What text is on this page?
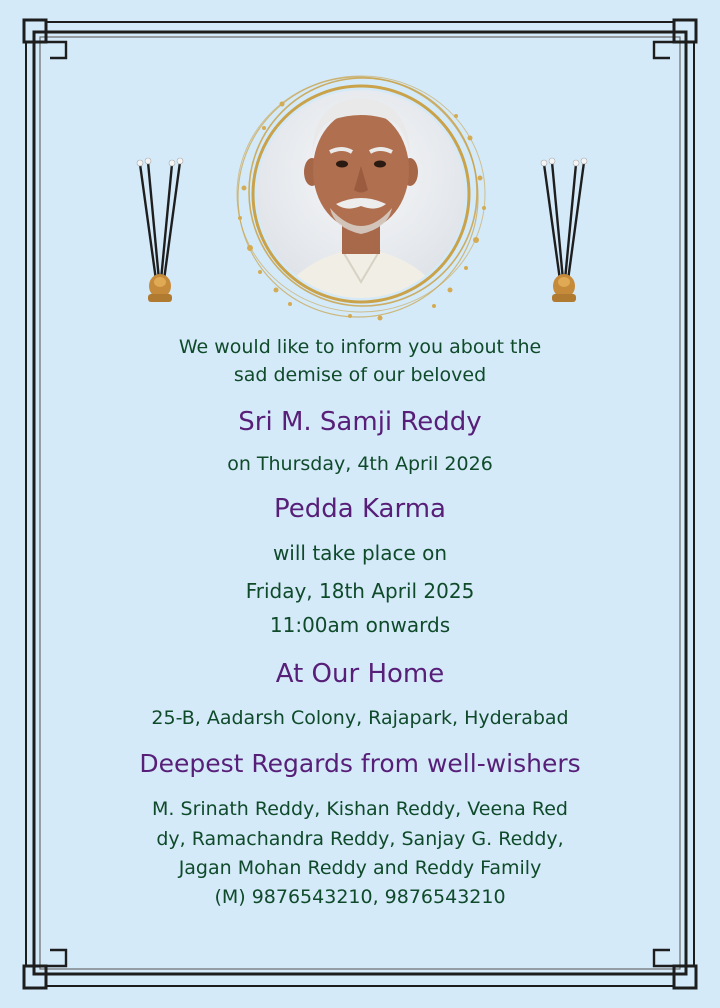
We would like to inform you about the
sad demise of our beloved
Sri M. Samji Reddy
on Thursday, 4th April 2026
Pedda Karma
will take place on
Friday, 18th April 2025
11:00am onwards
At Our Home
25-B, Aadarsh Colony, Rajapark, Hyderabad
Deepest Regards from well-wishers
M. Srinath Reddy, Kishan Reddy, Veena Red
dy, Ramachandra Reddy, Sanjay G. Reddy,
Jagan Mohan Reddy and Reddy Family
(M) 9876543210, 9876543210
